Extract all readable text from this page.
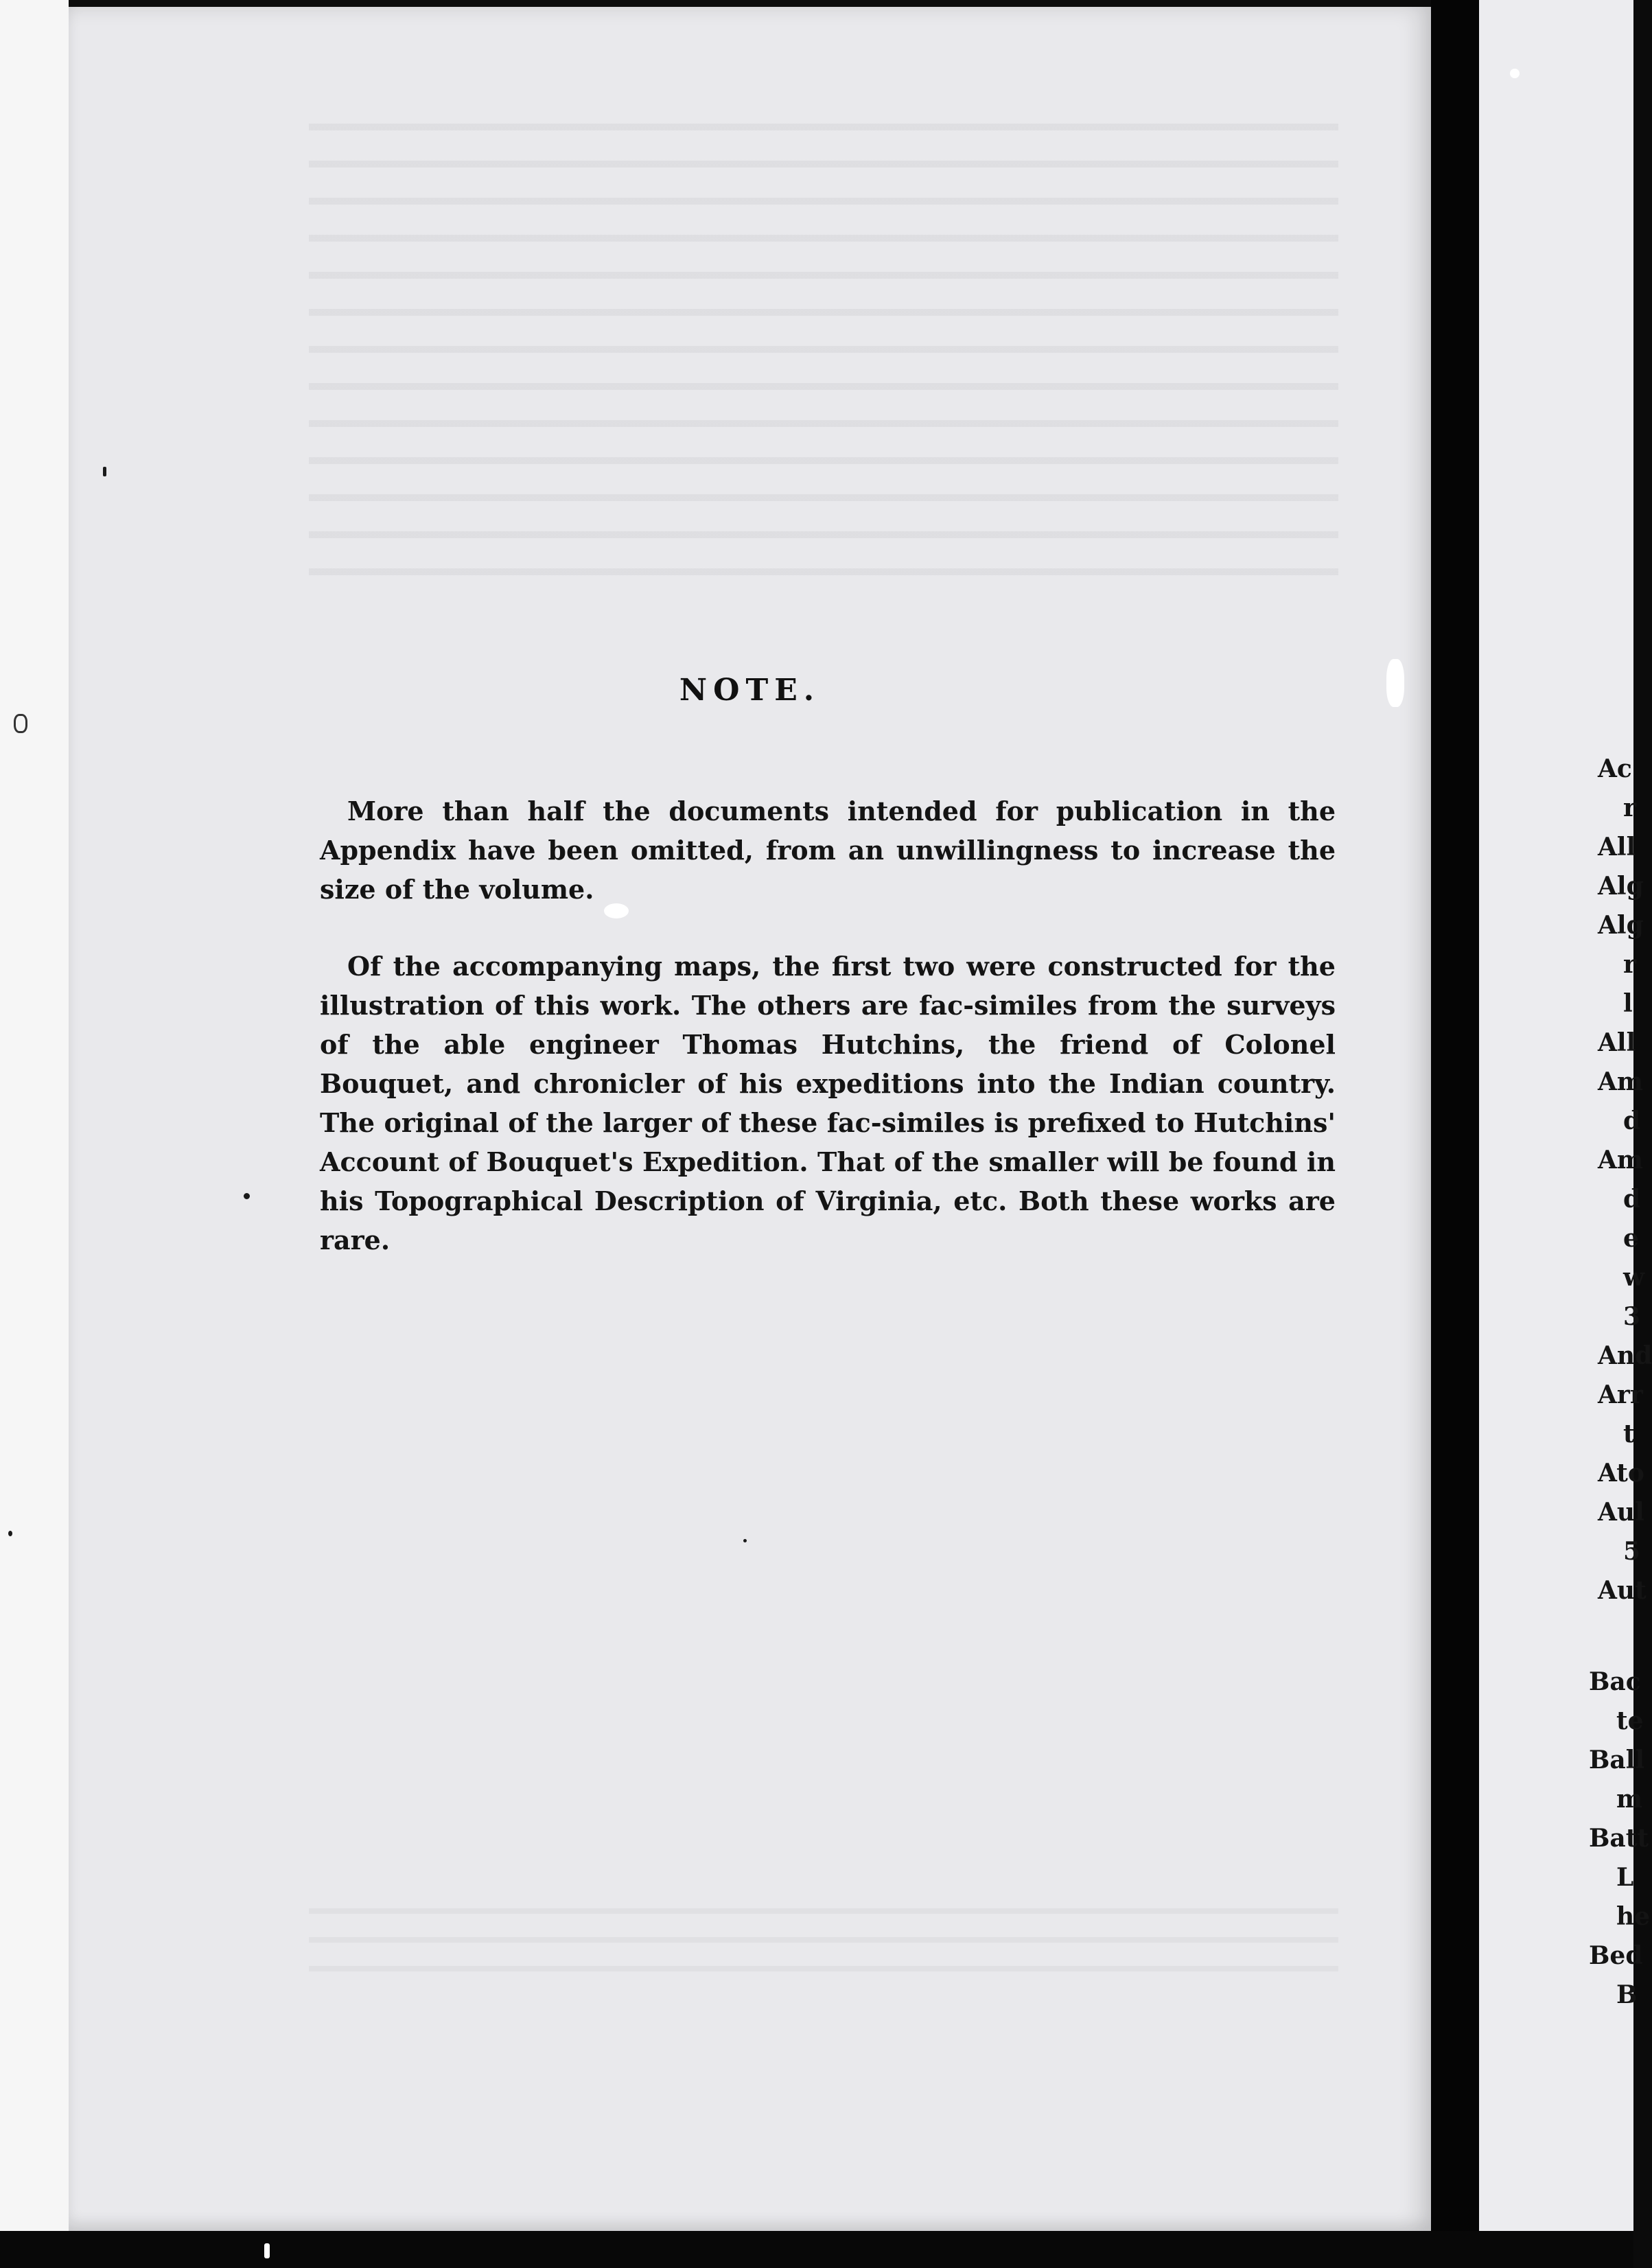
NOTE.

More than half the documents intended for publication in the Appendix have been omitted, from an unwillingness to increase the size of the volume.

Of the accompanying maps, the first two were constructed for the illustration of this work. The others are fac-similes from the surveys of the able engineer Thomas Hutchins, the friend of Colonel Bouquet, and chronicler of his expeditions into the Indian country. The original of the larger of these fac-similes is prefixed to Hutchins' Account of Bouquet's Expedition. That of the smaller will be found in his Topographical Description of Virginia, etc. Both these works are rare.

Ac
r
All
Alg
Alg
r
l
All
Am
d
Am
d
e
w
3
And
Arr
t
Ato
Aul
5
Aut
Bac
te
Ball
m
Batt
L
he
Bed
B
